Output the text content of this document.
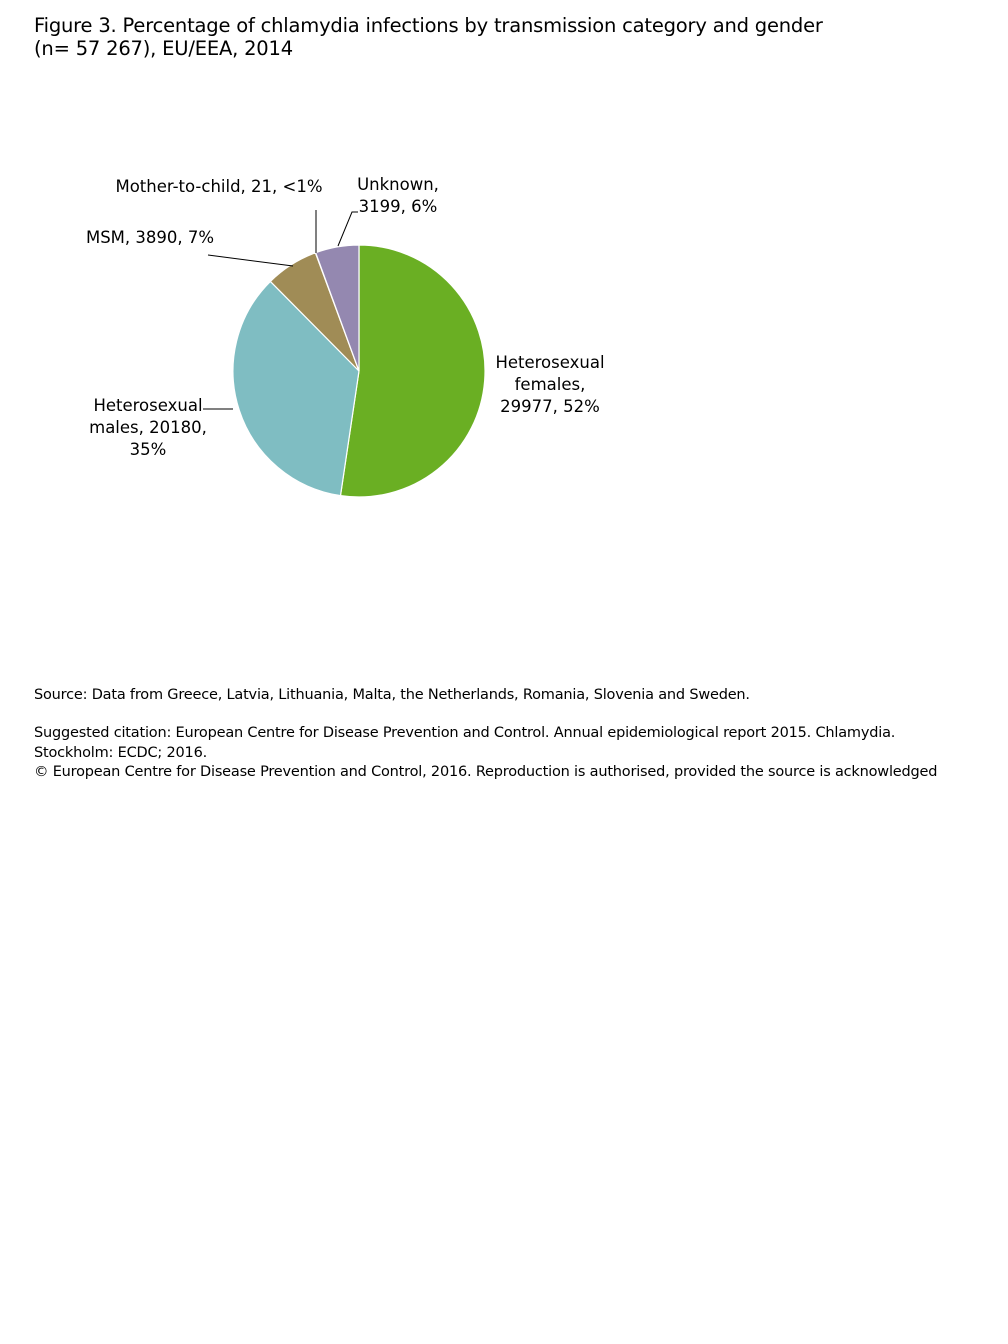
Figure 3. Percentage of chlamydia infections by transmission category and gender
(n= 57 267), EU/EEA, 2014
Heterosexual females, 29977, 52%
Heterosexual males, 20180, 35%
MSM, 3890, 7%
Mother-to-child, 21, <1% Unknown, 3199, 6%
Source: Data from Greece, Latvia, Lithuania, Malta, the Netherlands, Romania, Slovenia and Sweden.
Suggested citation: European Centre for Disease Prevention and Control. Annual epidemiological report 2015. Chlamydia.
Stockholm: ECDC; 2016.
© European Centre for Disease Prevention and Control, 2016. Reproduction is authorised, provided the source is acknowledged
